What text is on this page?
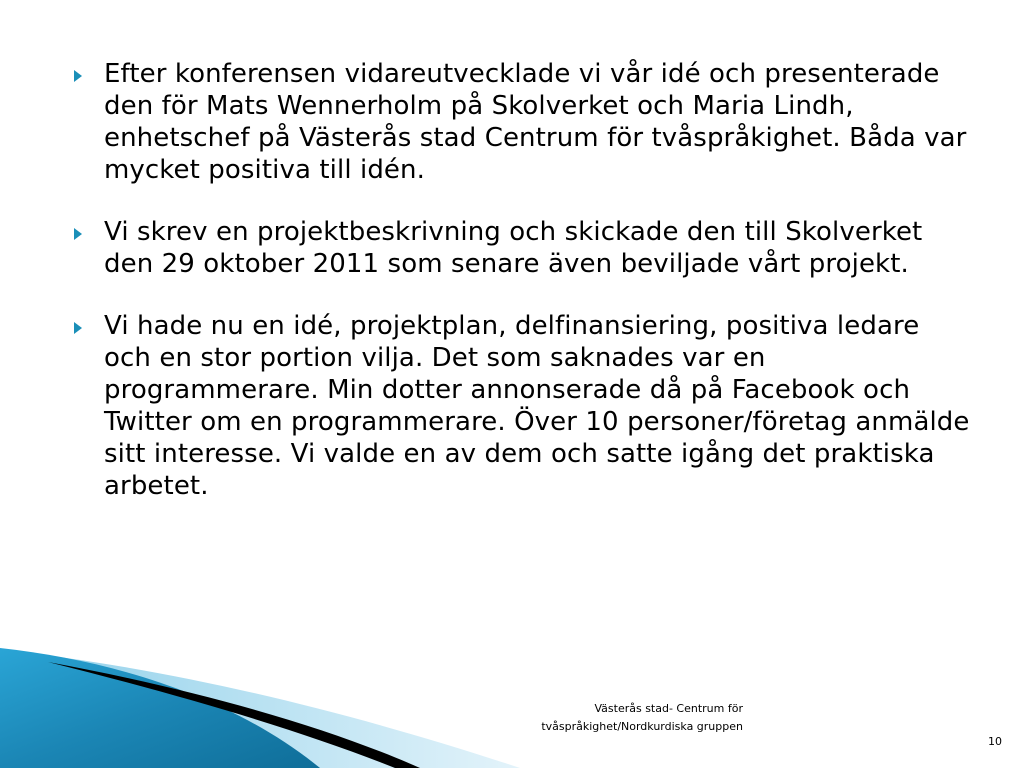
Efter konferensen vidareutvecklade vi vår idé och presenterade den för Mats Wennerholm på Skolverket och Maria Lindh, enhetschef på Västerås stad Centrum för tvåspråkighet. Båda var mycket positiva till idén.
Vi skrev en projektbeskrivning och skickade den till Skolverket den 29 oktober 2011 som senare även beviljade vårt projekt.
Vi hade nu en idé, projektplan, delfinansiering, positiva ledare och en stor portion vilja. Det som saknades var en programmerare. Min dotter annonserade då på Facebook och Twitter om en programmerare. Över 10 personer/företag anmälde sitt interesse. Vi valde en av dem och satte igång det praktiska arbetet.
Västerås stad- Centrum för tvåspråkighet/Nordkurdiska gruppen
10
